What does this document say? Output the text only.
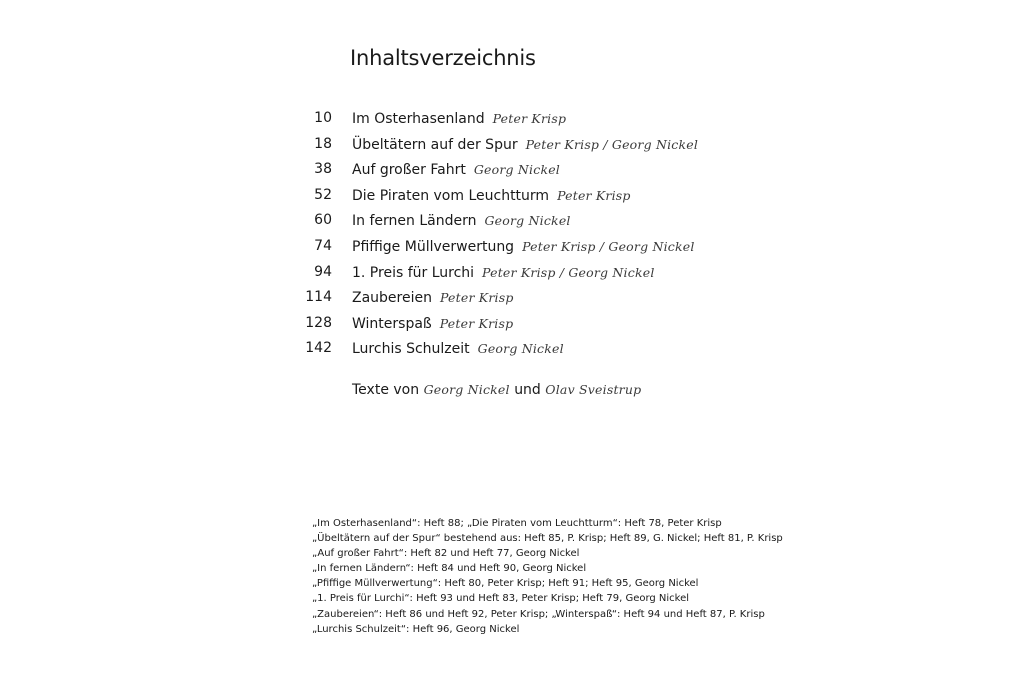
Inhaltsverzeichnis
10 Im Osterhasenland Peter Krisp
18 Übeltätern auf der Spur Peter Krisp / Georg Nickel
38 Auf großer Fahrt Georg Nickel
52 Die Piraten vom Leuchtturm Peter Krisp
60 In fernen Ländern Georg Nickel
74 Pfiffige Müllverwertung Peter Krisp / Georg Nickel
94 1. Preis für Lurchi Peter Krisp / Georg Nickel
114 Zaubereien Peter Krisp
128 Winterspaß Peter Krisp
142 Lurchis Schulzeit Georg Nickel
Texte von Georg Nickel und Olav Sveistrup
„Im Osterhasenland“: Heft 88; „Die Piraten vom Leuchtturm“: Heft 78, Peter Krisp
„Übeltätern auf der Spur“ bestehend aus: Heft 85, P. Krisp; Heft 89, G. Nickel; Heft 81, P. Krisp
„Auf großer Fahrt“: Heft 82 und Heft 77, Georg Nickel
„In fernen Ländern“: Heft 84 und Heft 90, Georg Nickel
„Pfiffige Müllverwertung“: Heft 80, Peter Krisp; Heft 91; Heft 95, Georg Nickel
„1. Preis für Lurchi“: Heft 93 und Heft 83, Peter Krisp; Heft 79, Georg Nickel
„Zaubereien“: Heft 86 und Heft 92, Peter Krisp; „Winterspaß“: Heft 94 und Heft 87, P. Krisp
„Lurchis Schulzeit“: Heft 96, Georg Nickel
